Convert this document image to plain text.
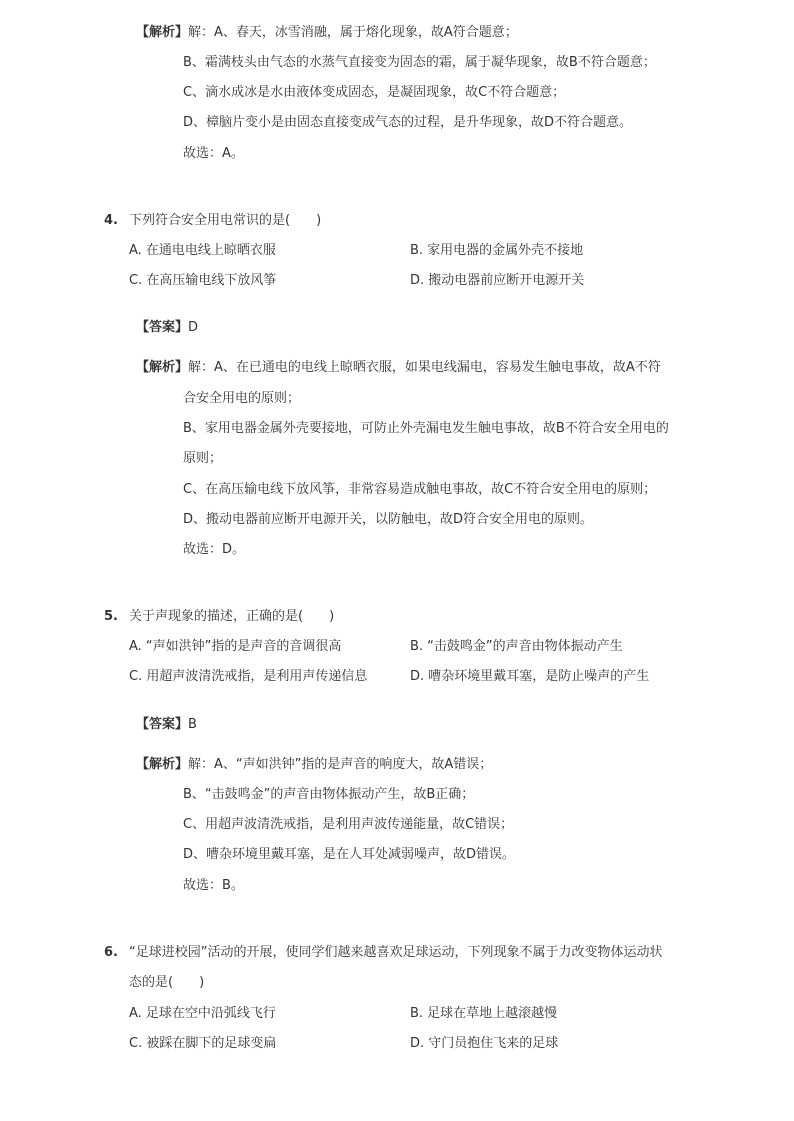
【解析】解：A、春天，冰雪消融，属于熔化现象，故A符合题意；
B、霜满枝头由气态的水蒸气直接变为固态的霜，属于凝华现象，故B不符合题意；
C、滴水成冰是水由液体变成固态，是凝固现象，故C不符合题意；
D、樟脑片变小是由固态直接变成气态的过程，是升华现象，故D不符合题意。
故选：A。
4. 下列符合安全用电常识的是(　　)
A. 在通电电线上晾晒衣服	B. 家用电器的金属外壳不接地
C. 在高压输电线下放风筝	D. 搬动电器前应断开电源开关
【答案】D
【解析】解：A、在已通电的电线上晾晒衣服，如果电线漏电，容易发生触电事故，故A不符
合安全用电的原则；
B、家用电器金属外壳要接地，可防止外壳漏电发生触电事故，故B不符合安全用电的
原则；
C、在高压输电线下放风筝，非常容易造成触电事故，故C不符合安全用电的原则；
D、搬动电器前应断开电源开关，以防触电，故D符合安全用电的原则。
故选：D。
5. 关于声现象的描述，正确的是(　　)
A. “声如洪钟”指的是声音的音调很高	B. “击鼓鸣金”的声音由物体振动产生
C. 用超声波清洗戒指，是利用声传递信息	D. 嘈杂环境里戴耳塞，是防止噪声的产生
【答案】B
【解析】解：A、“声如洪钟”指的是声音的响度大，故A错误；
B、“击鼓鸣金”的声音由物体振动产生，故B正确；
C、用超声波清洗戒指，是利用声波传递能量，故C错误；
D、嘈杂环境里戴耳塞，是在人耳处减弱噪声，故D错误。
故选：B。
6. “足球进校园”活动的开展，使同学们越来越喜欢足球运动，下列现象不属于力改变物体运动状
态的是(　　)
A. 足球在空中沿弧线飞行	B. 足球在草地上越滚越慢
C. 被踩在脚下的足球变扁	D. 守门员抱住飞来的足球
